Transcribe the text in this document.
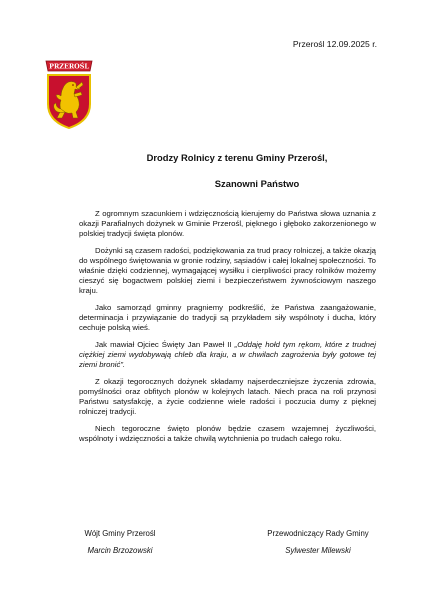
Przerośl 12.09.2025 r.
PRZEROŚL
Drodzy Rolnicy z terenu Gminy Przerośl,
Szanowni Państwo

Z ogromnym szacunkiem i wdzięcznością kierujemy do Państwa słowa uznania z okazji Parafialnych dożynek w Gminie Przerośl, pięknego i głęboko zakorzenionego w polskiej tradycji święta plonów.

Dożynki są czasem radości, podziękowania za trud pracy rolniczej, a także okazją do wspólnego świętowania w gronie rodziny, sąsiadów i całej lokalnej społeczności. To właśnie dzięki codziennej, wymagającej wysiłku i cierpliwości pracy rolników możemy cieszyć się bogactwem polskiej ziemi i bezpieczeństwem żywnościowym naszego kraju.

Jako samorząd gminny pragniemy podkreślić, że Państwa zaangażowanie, determinacja i przywiązanie do tradycji są przykładem siły wspólnoty i ducha, który cechuje polską wieś.

Jak mawiał Ojciec Święty Jan Paweł II „Oddaję hołd tym rękom, które z trudnej ciężkiej ziemi wydobywają chleb dla kraju, a w chwilach zagrożenia były gotowe tej ziemi bronić”.

Z okazji tegorocznych dożynek składamy najserdeczniejsze życzenia zdrowia, pomyślności oraz obfitych plonów w kolejnych latach. Niech praca na roli przynosi Państwu satysfakcję, a życie codzienne wiele radości i poczucia dumy z pięknej rolniczej tradycji.

Niech tegoroczne święto plonów będzie czasem wzajemnej życzliwości, wspólnoty i wdzięczności a także chwilą wytchnienia po trudach całego roku.

Wójt Gminy Przerośl
Marcin Brzozowski
Przewodniczący Rady Gminy
Sylwester Milewski
